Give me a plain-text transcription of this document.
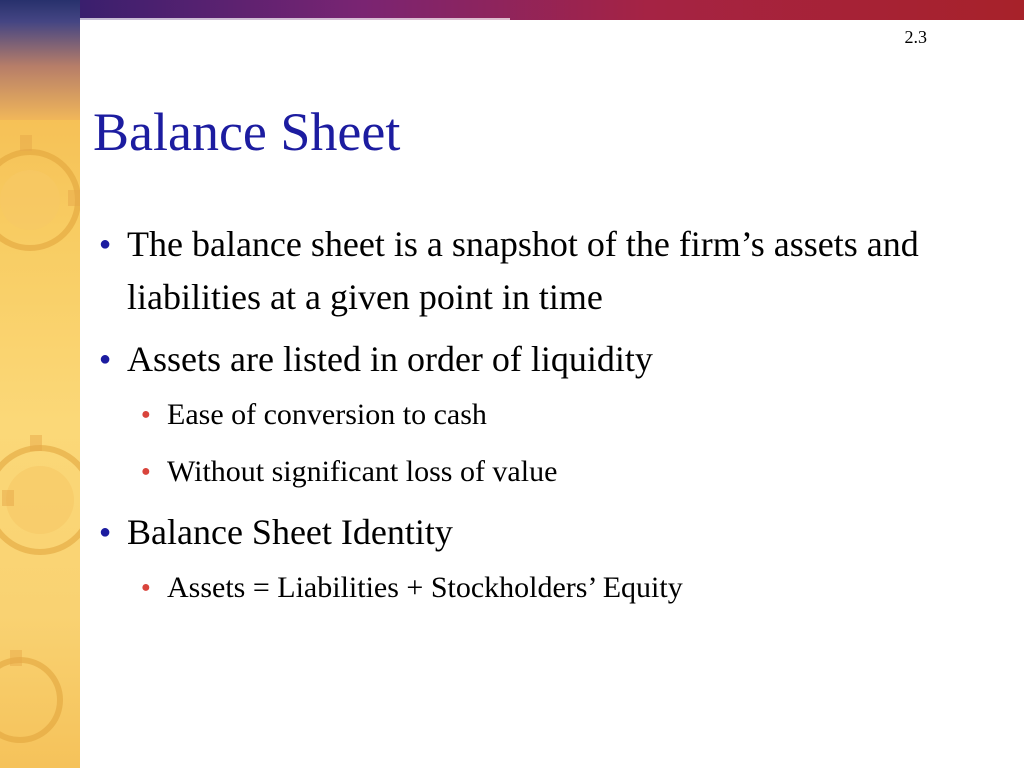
2.3
Balance Sheet
● The balance sheet is a snapshot of the firm’s assets and liabilities at a given point in time
● Assets are listed in order of liquidity
● Ease of conversion to cash
● Without significant loss of value
● Balance Sheet Identity
● Assets = Liabilities + Stockholders’ Equity
